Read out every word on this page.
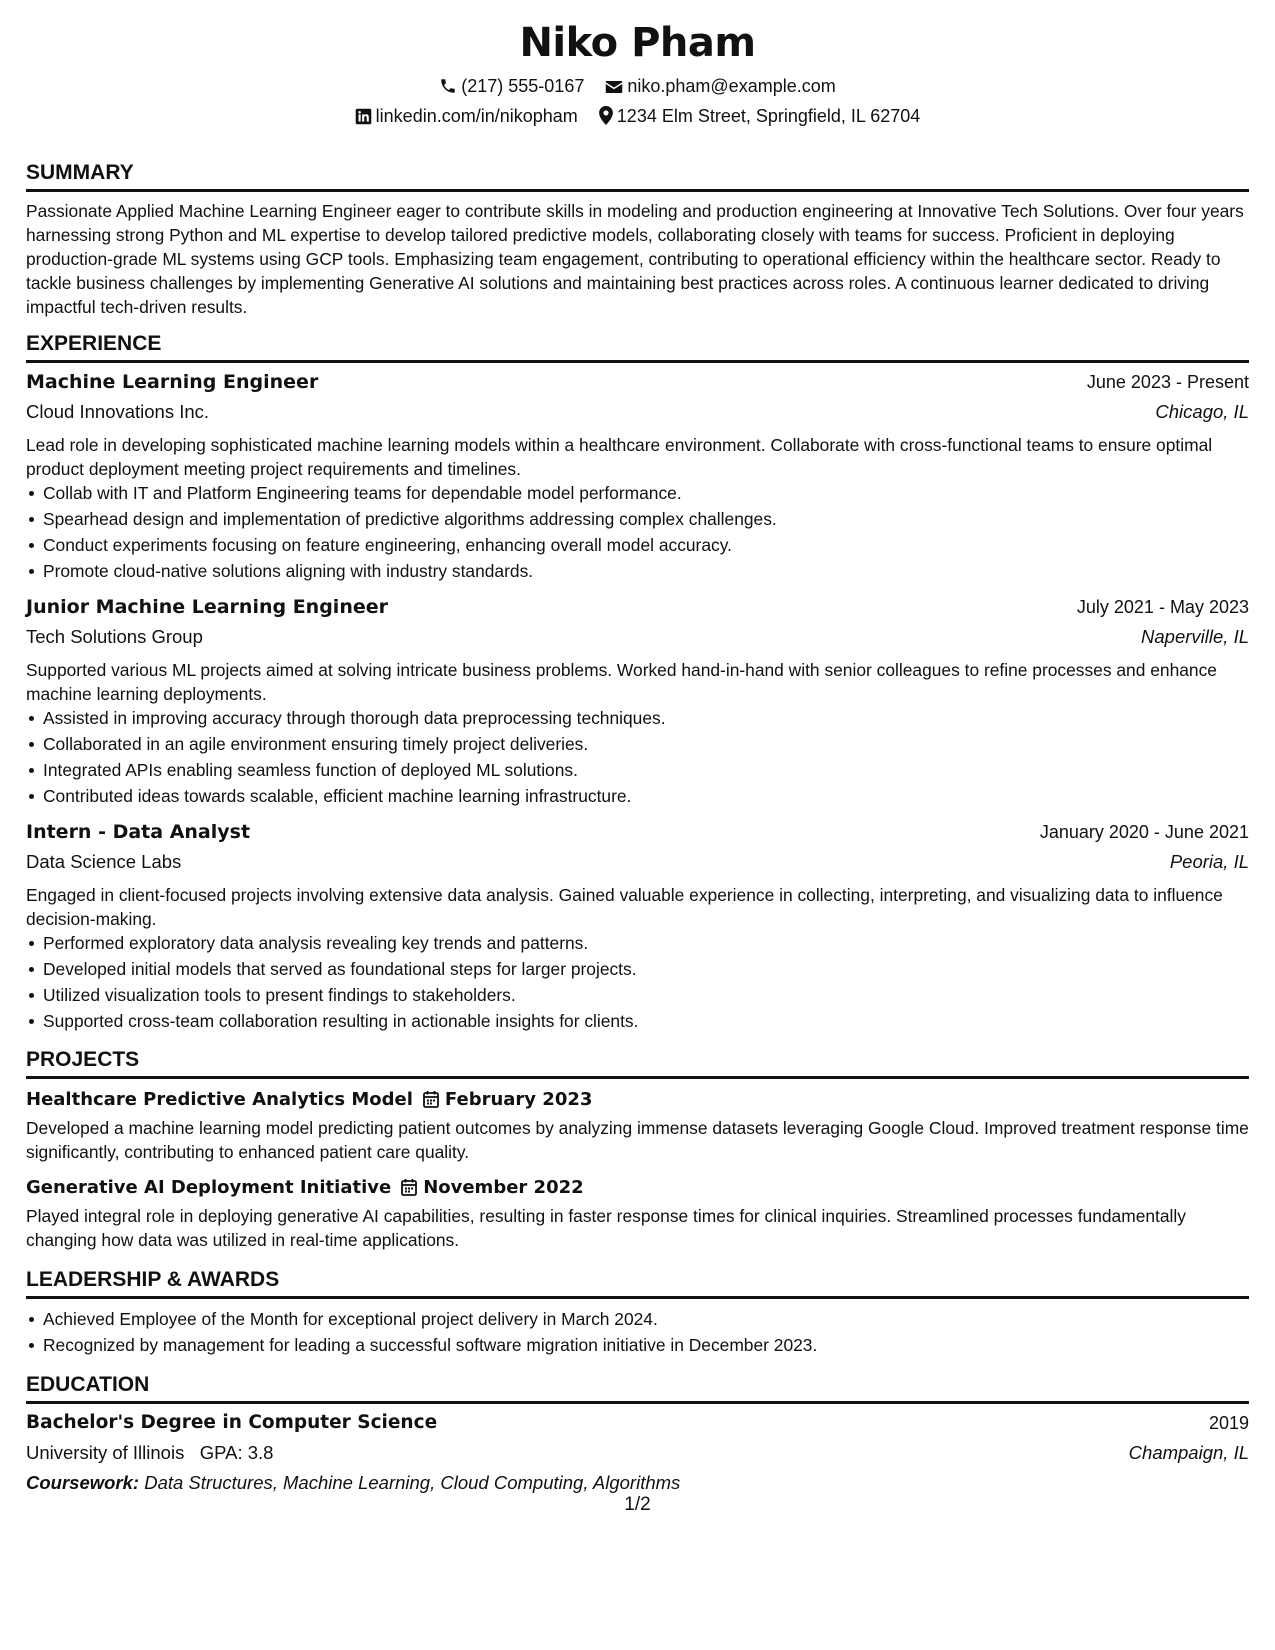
Niko Pham
(217) 555-0167 niko.pham@example.com
linkedin.com/in/nikopham 1234 Elm Street, Springfield, IL 62704
SUMMARY
Passionate Applied Machine Learning Engineer eager to contribute skills in modeling and production engineering at Innovative Tech Solutions. Over four years harnessing strong Python and ML expertise to develop tailored predictive models, collaborating closely with teams for success. Proficient in deploying production-grade ML systems using GCP tools. Emphasizing team engagement, contributing to operational efficiency within the healthcare sector. Ready to tackle business challenges by implementing Generative AI solutions and maintaining best practices across roles. A continuous learner dedicated to driving impactful tech-driven results.
EXPERIENCE
Machine Learning Engineer	June 2023 - Present
Cloud Innovations Inc.	Chicago, IL
Lead role in developing sophisticated machine learning models within a healthcare environment. Collaborate with cross-functional teams to ensure optimal product deployment meeting project requirements and timelines.
Collab with IT and Platform Engineering teams for dependable model performance.
Spearhead design and implementation of predictive algorithms addressing complex challenges.
Conduct experiments focusing on feature engineering, enhancing overall model accuracy.
Promote cloud-native solutions aligning with industry standards.
Junior Machine Learning Engineer	July 2021 - May 2023
Tech Solutions Group	Naperville, IL
Supported various ML projects aimed at solving intricate business problems. Worked hand-in-hand with senior colleagues to refine processes and enhance machine learning deployments.
Assisted in improving accuracy through thorough data preprocessing techniques.
Collaborated in an agile environment ensuring timely project deliveries.
Integrated APIs enabling seamless function of deployed ML solutions.
Contributed ideas towards scalable, efficient machine learning infrastructure.
Intern - Data Analyst	January 2020 - June 2021
Data Science Labs	Peoria, IL
Engaged in client-focused projects involving extensive data analysis. Gained valuable experience in collecting, interpreting, and visualizing data to influence decision-making.
Performed exploratory data analysis revealing key trends and patterns.
Developed initial models that served as foundational steps for larger projects.
Utilized visualization tools to present findings to stakeholders.
Supported cross-team collaboration resulting in actionable insights for clients.
PROJECTS
Healthcare Predictive Analytics Model February 2023
Developed a machine learning model predicting patient outcomes by analyzing immense datasets leveraging Google Cloud. Improved treatment response time significantly, contributing to enhanced patient care quality.
Generative AI Deployment Initiative November 2022
Played integral role in deploying generative AI capabilities, resulting in faster response times for clinical inquiries. Streamlined processes fundamentally changing how data was utilized in real-time applications.
LEADERSHIP & AWARDS
Achieved Employee of the Month for exceptional project delivery in March 2024.
Recognized by management for leading a successful software migration initiative in December 2023.
EDUCATION
Bachelor's Degree in Computer Science	2019
University of Illinois GPA: 3.8	Champaign, IL
Coursework: Data Structures, Machine Learning, Cloud Computing, Algorithms
1/2
